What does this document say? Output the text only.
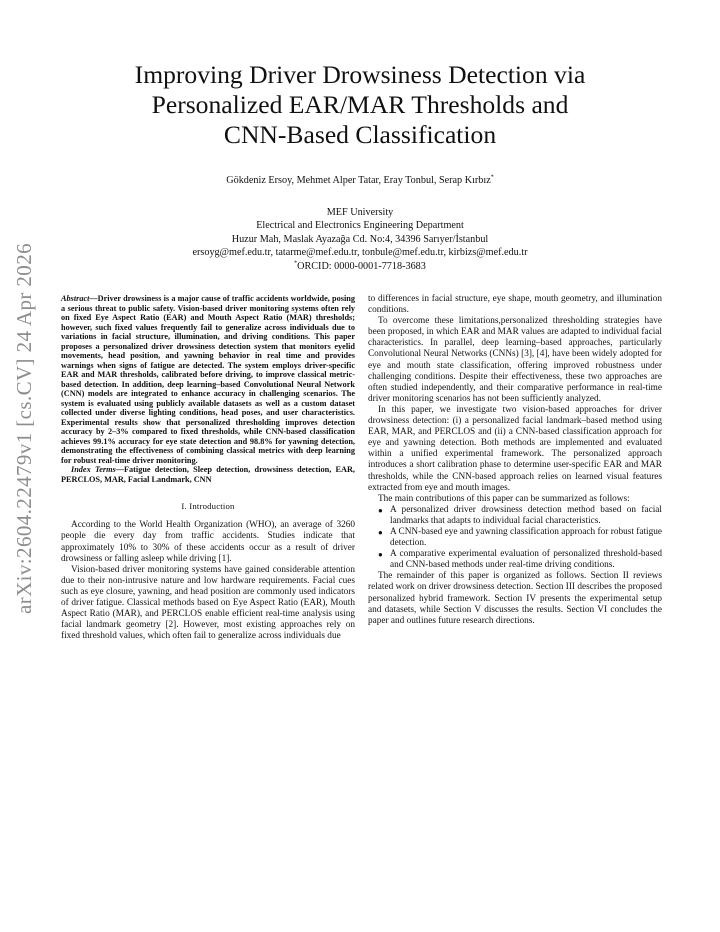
arXiv:2604.22479v1 [cs.CV] 24 Apr 2026
Improving Driver Drowsiness Detection via
Personalized EAR/MAR Thresholds and
CNN-Based Classification
Gökdeniz Ersoy, Mehmet Alper Tatar, Eray Tonbul, Serap Kırbız*
MEF University
Electrical and Electronics Engineering Department
Huzur Mah, Maslak Ayazağa Cd. No:4, 34396 Sarıyer/İstanbul
ersoyg@mef.edu.tr, tatarme@mef.edu.tr, tonbule@mef.edu.tr, kirbizs@mef.edu.tr
*ORCID: 0000-0001-7718-3683

Abstract—Driver drowsiness is a major cause of traffic accidents worldwide, posing a serious threat to public safety. Vision-based driver monitoring systems often rely on fixed Eye Aspect Ratio (EAR) and Mouth Aspect Ratio (MAR) thresholds; however, such fixed values frequently fail to generalize across individuals due to variations in facial structure, illumination, and driving conditions. This paper proposes a personalized driver drowsiness detection system that monitors eyelid movements, head position, and yawning behavior in real time and provides warnings when signs of fatigue are detected. The system employs driver-specific EAR and MAR thresholds, calibrated before driving, to improve classical metric-based detection. In addition, deep learning–based Convolutional Neural Network (CNN) models are integrated to enhance accuracy in challenging scenarios. The system is evaluated using publicly available datasets as well as a custom dataset collected under diverse lighting conditions, head poses, and user characteristics. Experimental results show that personalized thresholding improves detection accuracy by 2–3% compared to fixed thresholds, while CNN-based classification achieves 99.1% accuracy for eye state detection and 98.8% for yawning detection, demonstrating the effectiveness of combining classical metrics with deep learning for robust real-time driver monitoring.

Index Terms—Fatigue detection, Sleep detection, drowsiness detection, EAR, PERCLOS, MAR, Facial Landmark, CNN

I. Introduction

According to the World Health Organization (WHO), an average of 3260 people die every day from traffic accidents. Studies indicate that approximately 10% to 30% of these accidents occur as a result of driver drowsiness or falling asleep while driving [1].

Vision-based driver monitoring systems have gained considerable attention due to their non-intrusive nature and low hardware requirements. Facial cues such as eye closure, yawning, and head position are commonly used indicators of driver fatigue. Classical methods based on Eye Aspect Ratio (EAR), Mouth Aspect Ratio (MAR), and PERCLOS enable efficient real-time analysis using facial landmark geometry [2]. However, most existing approaches rely on fixed threshold values, which often fail to generalize across individuals due

to differences in facial structure, eye shape, mouth geometry, and illumination conditions.

To overcome these limitations,personalized thresholding strategies have been proposed, in which EAR and MAR values are adapted to individual facial characteristics. In parallel, deep learning–based approaches, particularly Convolutional Neural Networks (CNNs) [3], [4], have been widely adopted for eye and mouth state classification, offering improved robustness under challenging conditions. Despite their effectiveness, these two approaches are often studied independently, and their comparative performance in real-time driver monitoring scenarios has not been sufficiently analyzed.

In this paper, we investigate two vision-based approaches for driver drowsiness detection: (i) a personalized facial landmark–based method using EAR, MAR, and PERCLOS and (ii) a CNN-based classification approach for eye and yawning detection. Both methods are implemented and evaluated within a unified experimental framework. The personalized approach introduces a short calibration phase to determine user-specific EAR and MAR thresholds, while the CNN-based approach relies on learned visual features extracted from eye and mouth images.

The main contributions of this paper can be summarized as follows:

● A personalized driver drowsiness detection method based on facial landmarks that adapts to individual facial characteristics.
● A CNN-based eye and yawning classification approach for robust fatigue detection.
● A comparative experimental evaluation of personalized threshold-based and CNN-based methods under real-time driving conditions.

The remainder of this paper is organized as follows. Section II reviews related work on driver drowsiness detection. Section III describes the proposed personalized hybrid framework. Section IV presents the experimental setup and datasets, while Section V discusses the results. Section VI concludes the paper and outlines future research directions.
